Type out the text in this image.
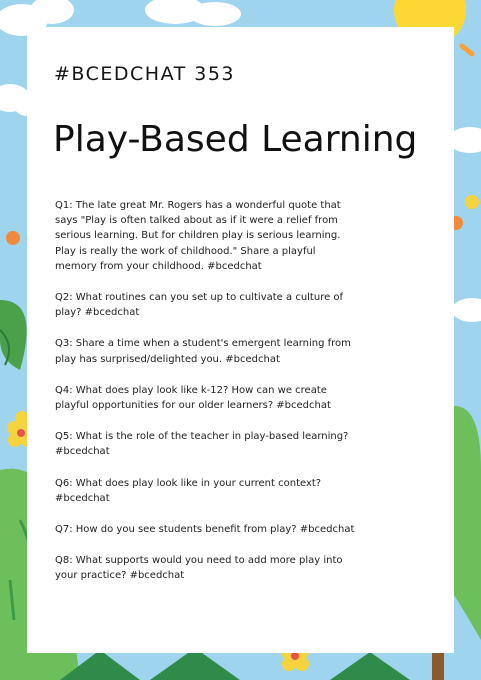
#BCEDCHAT 353
Play-Based Learning

Q1: The late great Mr. Rogers has a wonderful quote that says "Play is often talked about as if it were a relief from serious learning. But for children play is serious learning. Play is really the work of childhood." Share a playful memory from your childhood. #bcedchat

Q2: What routines can you set up to cultivate a culture of play? #bcedchat

Q3: Share a time when a student's emergent learning from play has surprised/delighted you. #bcedchat

Q4: What does play look like k-12? How can we create playful opportunities for our older learners? #bcedchat

Q5: What is the role of the teacher in play-based learning? #bcedchat

Q6: What does play look like in your current context? #bcedchat

Q7: How do you see students benefit from play? #bcedchat

Q8: What supports would you need to add more play into your practice? #bcedchat
